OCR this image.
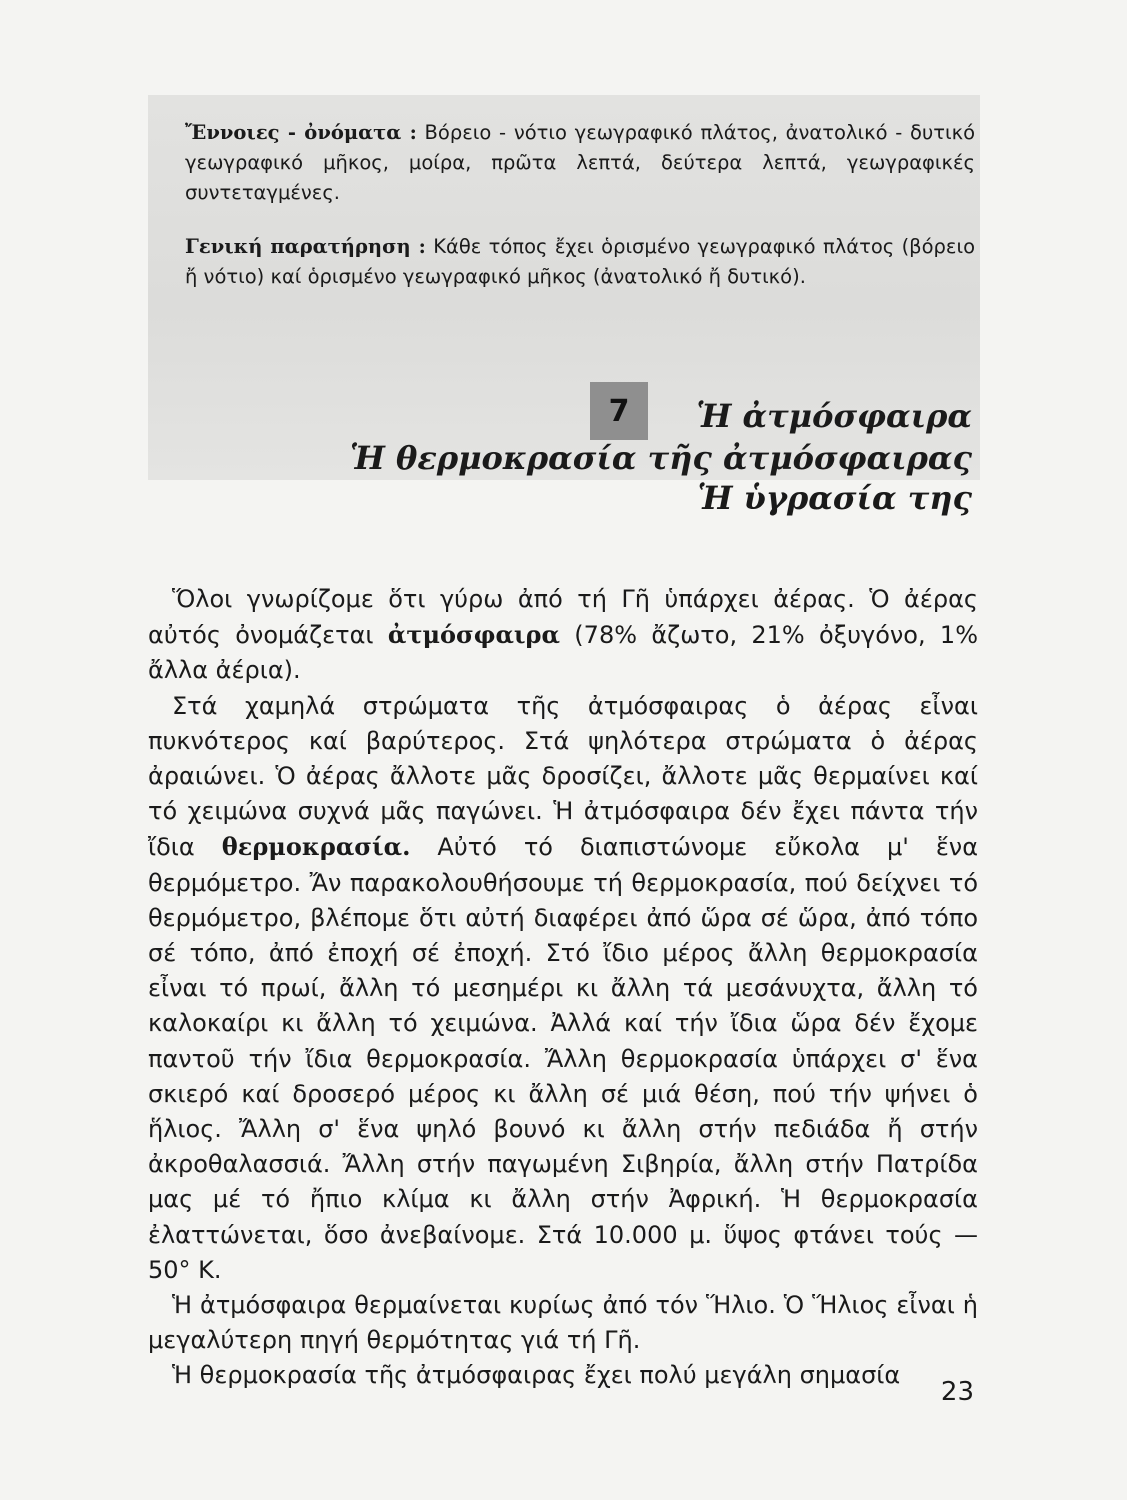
Ἔννοιες - ὀνόματα : Βόρειο - νότιο γεωγραφικό πλάτος, ἀνατολικό - δυτικό γεωγραφικό μῆκος, μοίρα, πρῶτα λεπτά, δεύτερα λεπτά, γεωγραφικές συντεταγμένες.
Γενική παρατήρηση : Κάθε τόπος ἔχει ὁρισμένο γεωγραφικό πλάτος (βόρειο ἤ νότιο) καί ὁρισμένο γεωγραφικό μῆκος (ἀνατολικό ἤ δυτικό).
7	Ἡ ἀτμόσφαιρα
Ἡ θερμοκρασία τῆς ἀτμόσφαιρας
Ἡ ὑγρασία της

Ὅλοι γνωρίζομε ὅτι γύρω ἀπό τή Γῆ ὑπάρχει ἀέρας. Ὁ ἀέρας αὐτός ὀνομάζεται ἀτμόσφαιρα (78% ἄζωτο, 21% ὀξυγόνο, 1% ἄλλα ἀέρια).

Στά χαμηλά στρώματα τῆς ἀτμόσφαιρας ὁ ἀέρας εἶναι πυκνότερος καί βαρύτερος. Στά ψηλότερα στρώματα ὁ ἀέρας ἀραιώνει. Ὁ ἀέρας ἄλλοτε μᾶς δροσίζει, ἄλλοτε μᾶς θερμαίνει καί τό χειμώνα συχνά μᾶς παγώνει. Ἡ ἀτμόσφαιρα δέν ἔχει πάντα τήν ἴδια θερμοκρασία. Αὐτό τό διαπιστώνομε εὔκολα μ' ἕνα θερμόμετρο. Ἄν παρακολουθήσουμε τή θερμοκρασία, πού δείχνει τό θερμόμετρο, βλέπομε ὅτι αὐτή διαφέρει ἀπό ὥρα σέ ὥρα, ἀπό τόπο σέ τόπο, ἀπό ἐποχή σέ ἐποχή. Στό ἴδιο μέρος ἄλλη θερμοκρασία εἶναι τό πρωί, ἄλλη τό μεσημέρι κι ἄλλη τά μεσάνυχτα, ἄλλη τό καλοκαίρι κι ἄλλη τό χειμώνα. Ἀλλά καί τήν ἴδια ὥρα δέν ἔχομε παντοῦ τήν ἴδια θερμοκρασία. Ἄλλη θερμοκρασία ὑπάρχει σ' ἕνα σκιερό καί δροσερό μέρος κι ἄλλη σέ μιά θέση, πού τήν ψήνει ὁ ἥλιος. Ἄλλη σ' ἕνα ψηλό βουνό κι ἄλλη στήν πεδιάδα ἤ στήν ἀκροθαλασσιά. Ἄλλη στήν παγωμένη Σιβηρία, ἄλλη στήν Πατρίδα μας μέ τό ἤπιο κλίμα κι ἄλλη στήν Ἀφρική. Ἡ θερμοκρασία ἐλαττώνεται, ὅσο ἀνεβαίνομε. Στά 10.000 μ. ὕψος φτάνει τούς —50° K.

Ἡ ἀτμόσφαιρα θερμαίνεται κυρίως ἀπό τόν Ἥλιο. Ὁ Ἥλιος εἶναι ἡ μεγαλύτερη πηγή θερμότητας γιά τή Γῆ.

Ἡ θερμοκρασία τῆς ἀτμόσφαιρας ἔχει πολύ μεγάλη σημασία

23
